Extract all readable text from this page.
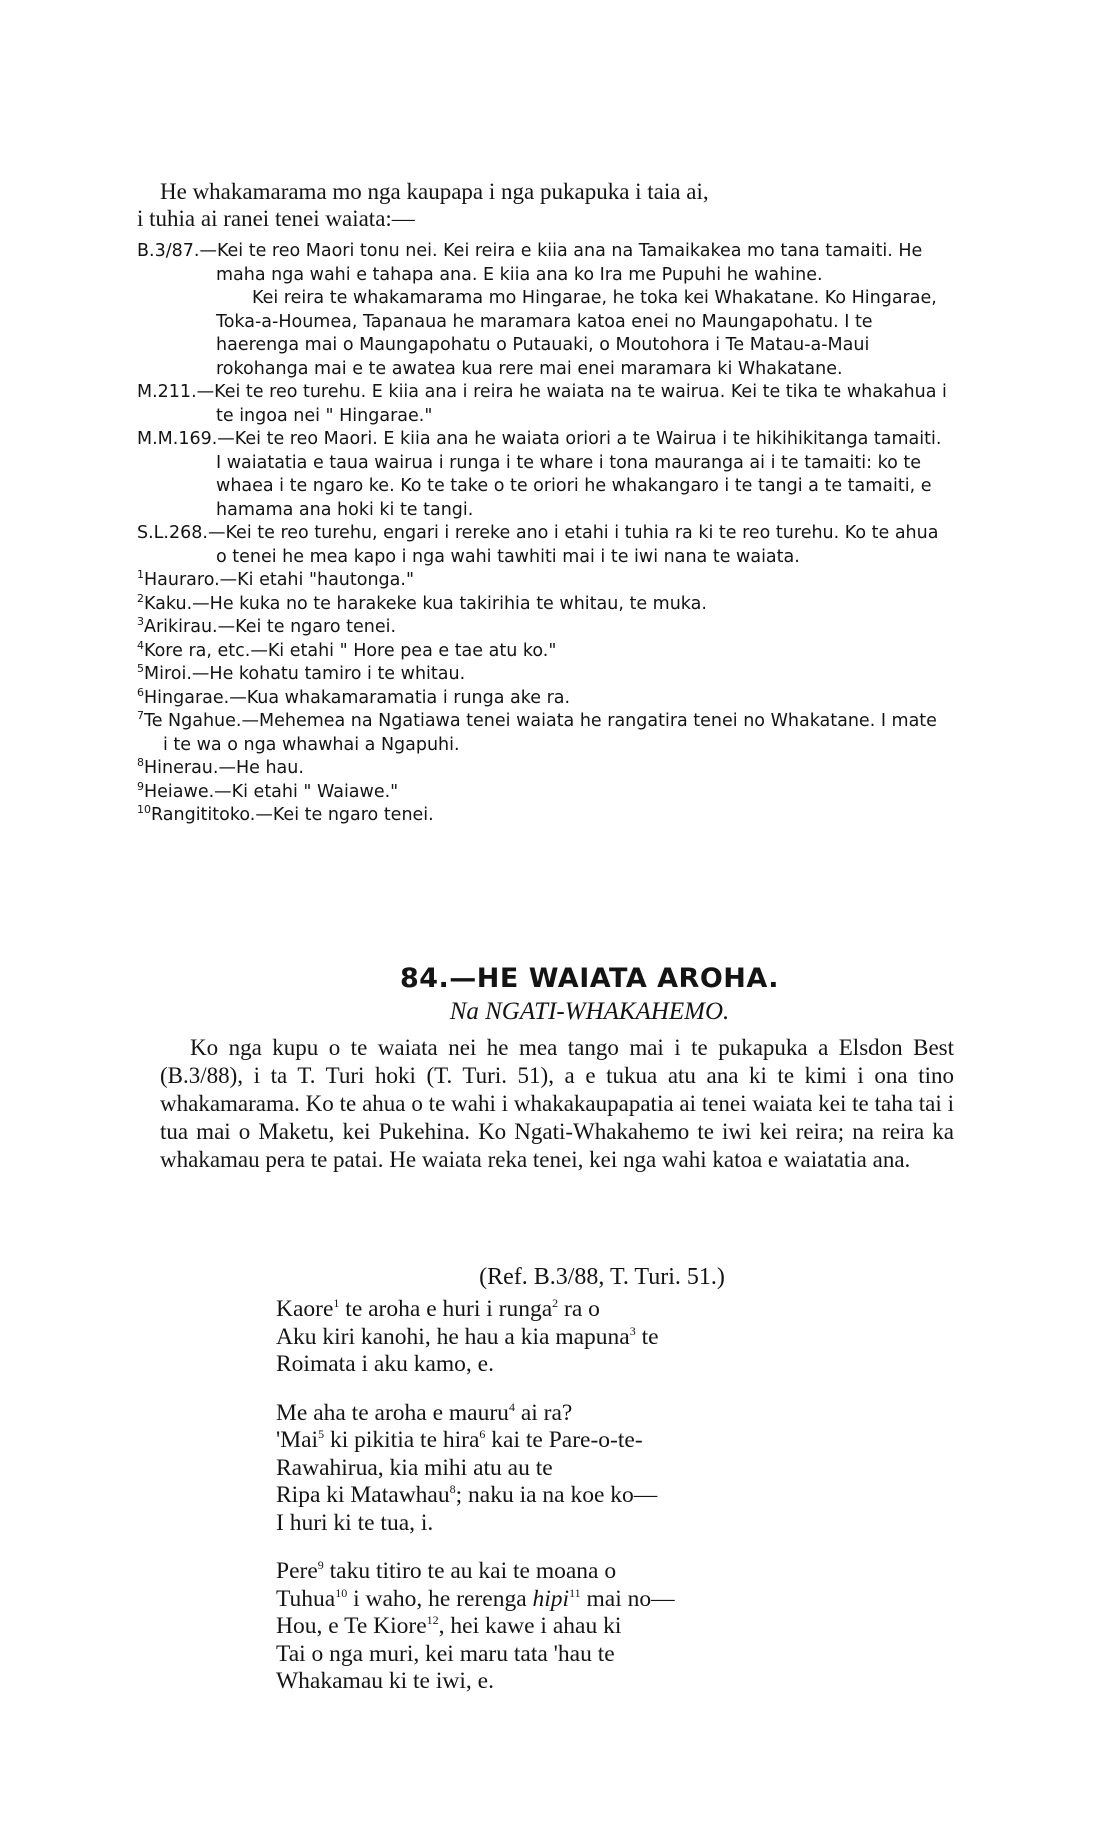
He whakamarama mo nga kaupapa i nga pukapuka i taia ai,
i tuhia ai ranei tenei waiata:—
B.3/87.—Kei te reo Maori tonu nei. Kei reira e kiia ana na Tamaikakea mo tana tamaiti. He maha nga wahi e tahapa ana. E kiia ana ko Ira me Pupuhi he wahine.
Kei reira te whakamarama mo Hingarae, he toka kei Whakatane. Ko Hingarae, Toka-a-Houmea, Tapanaua he maramara katoa enei no Maungapohatu. I te haerenga mai o Maungapohatu o Putauaki, o Moutohora i Te Matau-a-Maui rokohanga mai e te awatea kua rere mai enei maramara ki Whakatane.
M.211.—Kei te reo turehu. E kiia ana i reira he waiata na te wairua. Kei te tika te whakahua i te ingoa nei " Hingarae."
M.M.169.—Kei te reo Maori. E kiia ana he waiata oriori a te Wairua i te hikihikitanga tamaiti. I waiatatia e taua wairua i runga i te whare i tona mauranga ai i te tamaiti: ko te whaea i te ngaro ke. Ko te take o te oriori he whakangaro i te tangi a te tamaiti, e hamama ana hoki ki te tangi.
S.L.268.—Kei te reo turehu, engari i rereke ano i etahi i tuhia ra ki te reo turehu. Ko te ahua o tenei he mea kapo i nga wahi tawhiti mai i te iwi nana te waiata.
$^1$Hauraro.—Ki etahi "hautonga."
$^2$Kaku.—He kuka no te harakeke kua takirihia te whitau, te muka.
$^3$Arikirau.—Kei te ngaro tenei.
$^4$Kore ra, etc.—Ki etahi " Hore pea e tae atu ko."
$^5$Miroi.—He kohatu tamiro i te whitau.
$^6$Hingarae.—Kua whakamaramatia i runga ake ra.
$^7$Te Ngahue.—Mehemea na Ngatiawa tenei waiata he rangatira tenei no Whakatane. I mate i te wa o nga whawhai a Ngapuhi.
$^8$Hinerau.—He hau.
$^9$Heiawe.—Ki etahi " Waiawe."
$^{10}$Rangititoko.—Kei te ngaro tenei.
84.—HE WAIATA AROHA.
Na NGATI-WHAKAHEMO.
Ko nga kupu o te waiata nei he mea tango mai i te pukapuka a Elsdon Best (B.3/88), i ta T. Turi hoki (T. Turi. 51), a e tukua atu ana ki te kimi i ona tino whakamarama. Ko te ahua o te wahi i whakakaupapatia ai tenei waiata kei te taha tai i tua mai o Maketu, kei Pukehina. Ko Ngati-Whakahemo te iwi kei reira; na reira ka whakamau pera te patai. He waiata reka tenei, kei nga wahi katoa e waiatatia ana.
(Ref. B.3/88, T. Turi. 51.)
Kaore$^1$ te aroha e huri i runga$^2$ ra o
Aku kiri kanohi, he hau a kia mapuna$^3$ te
Roimata i aku kamo, e.
Me aha te aroha e mauru$^4$ ai ra?
'Mai$^5$ ki pikitia te hira$^6$ kai te Pare-o-te-
Rawahirua, kia mihi atu au te
Ripa ki Matawhau$^8$; naku ia na koe ko—
I huri ki te tua, i.
Pere$^9$ taku titiro te au kai te moana o
Tuhua$^{10}$ i waho, he rerenga hipi$^{11}$ mai no—
Hou, e Te Kiore$^{12}$, hei kawe i ahau ki
Tai o nga muri, kei maru tata 'hau te
Whakamau ki te iwi, e.
